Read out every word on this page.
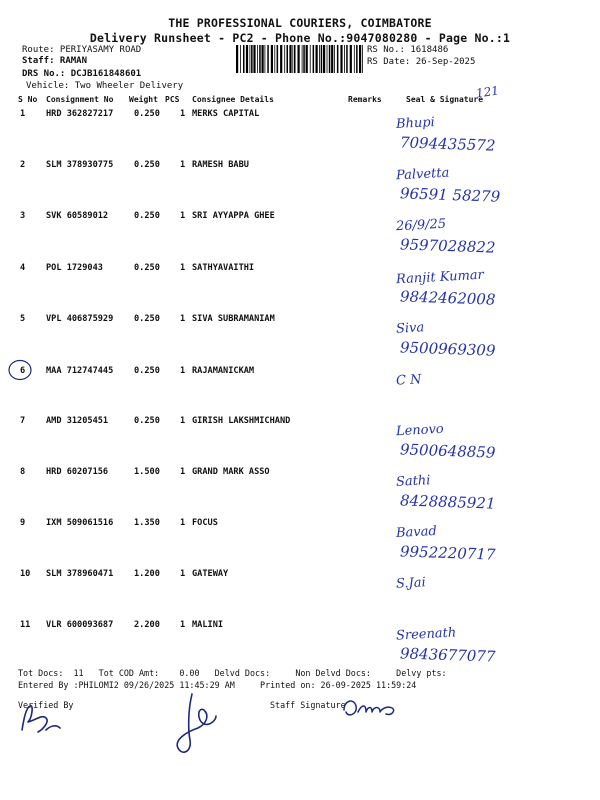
THE PROFESSIONAL COURIERS, COIMBATORE
Delivery Runsheet - PC2 - Phone No.:9047080280 - Page No.:1
Route: PERIYASAMY ROAD
Staff: RAMAN
DRS No.: DCJB161848601
Vehicle: Two Wheeler Delivery
RS No.: 1618486
RS Date: 26-Sep-2025
121
S No Consignment No Weight PCS Consignee Details	Remarks	Seal & Signature
1 HRD 362827217 0.250 1 MERKS CAPITAL
Bhupi
7094435572
2 SLM 378930775 0.250 1 RAMESH BABU
Palvetta
96591 58279
3 SVK 60589012	0.250 1 SRI AYYAPPA GHEE
26/9/25
9597028822
4 POL 1729043	0.250 1 SATHYAVAITHI	Ranjit Kumar
9842462008
5 VPL 406875929 0.250 1 SIVA SUBRAMANIAM
Siva
9500969309
6 MAA 712747445 0.250 1 RAJAMANICKAM
C N
7 AMD 31205451	0.250 1 GIRISH LAKSHMICHAND
Lenovo
9500648859
8 HRD 60207156	1.500 1 GRAND MARK ASSO
Sathi
8428885921
9 IXM 509061516 1.350 1 FOCUS
Bavad
9952220717
10 SLM 378960471 1.200 1 GATEWAY
S.Jai
11 VLR 600093687 2.200 1 MALINI
Sreenath
9843677077
Tot Docs:  11   Tot COD Amt:    0.00   Delvd Docs:     Non Delvd Docs:     Delvy pts:
Entered By :PHILOMI2 09/26/2025 11:45:29 AM     Printed on: 26-09-2025 11:59:24
Verified By	Staff Signature
